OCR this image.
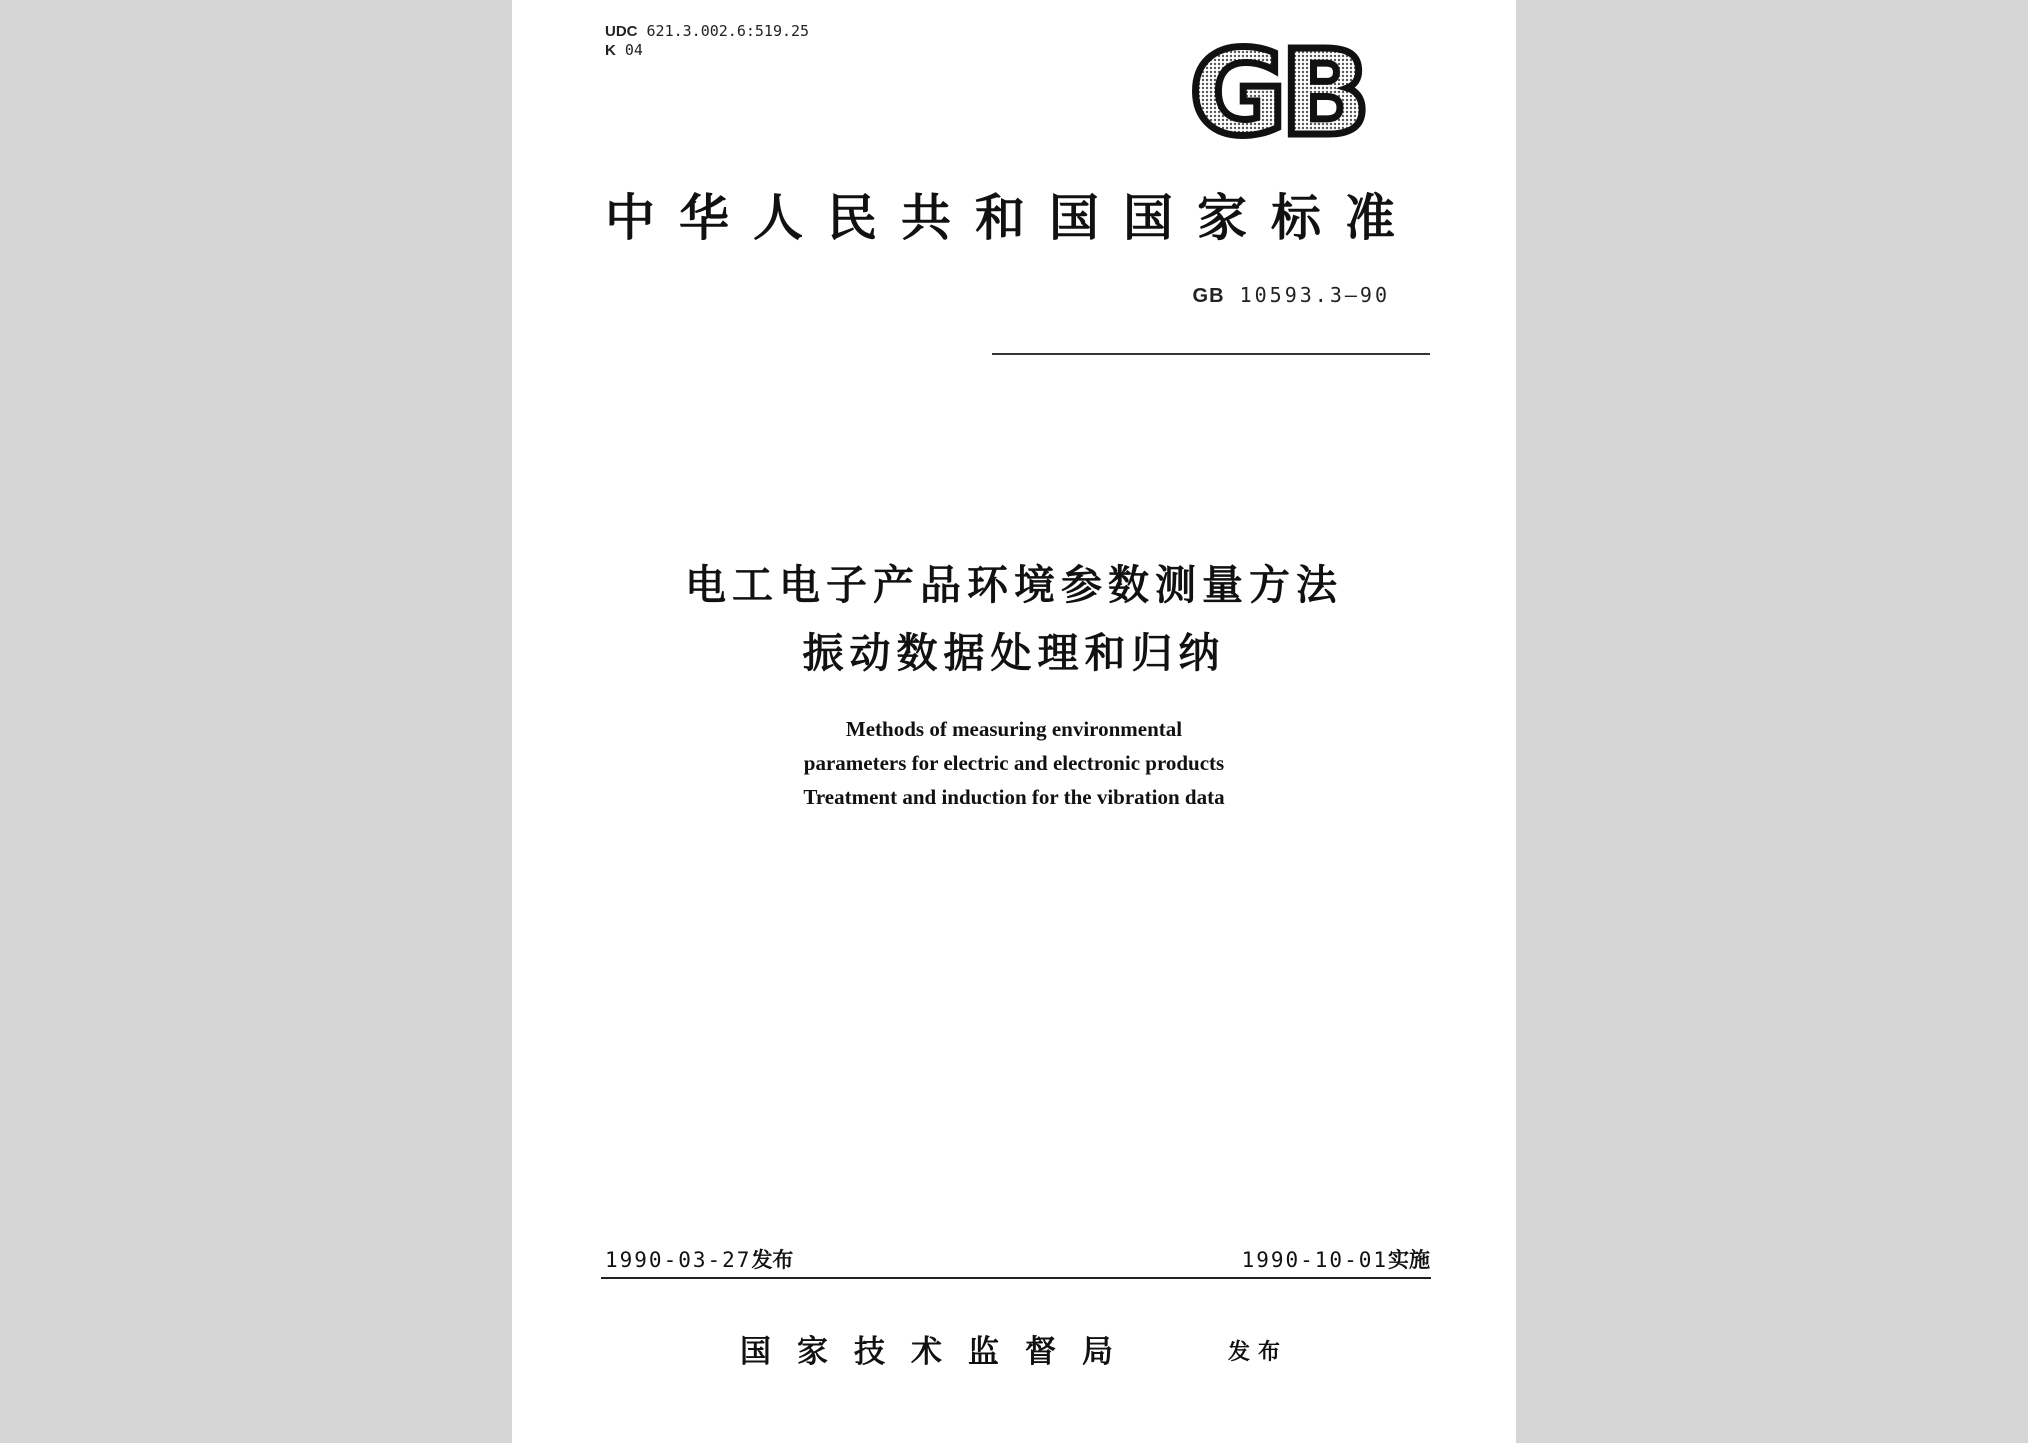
UDC 621.3.002.6:519.25
K 04	GB
中华人民共和国国家标准
GB 10593.3—90
电工电子产品环境参数测量方法
振动数据处理和归纳
Methods of measuring environmental
parameters for electric and electronic products
Treatment and induction for the vibration data
1990-03-27发布	1990-10-01实施
国家技术监督局	发布
